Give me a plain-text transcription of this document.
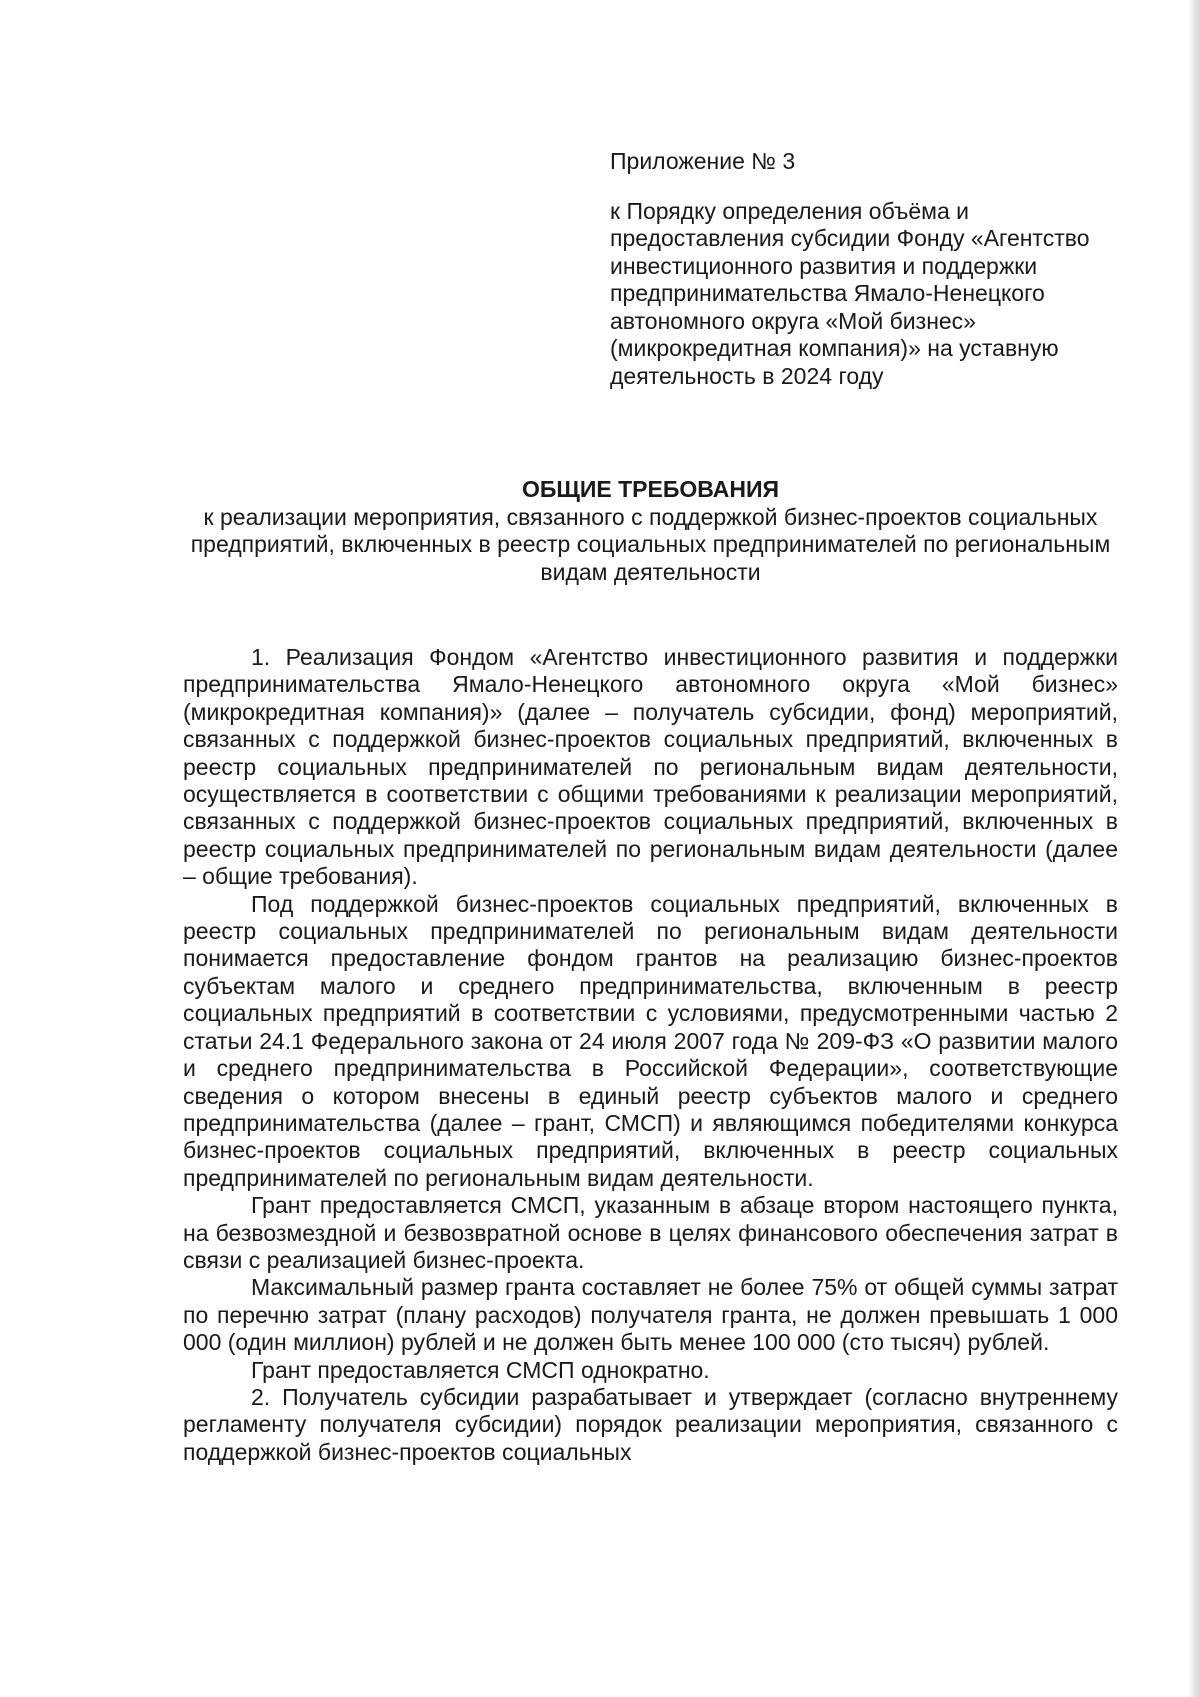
Приложение № 3

к Порядку определения объёма и предоставления субсидии Фонду «Агентство инвестиционного развития и поддержки предпринимательства Ямало-Ненецкого автономного округа «Мой бизнес» (микрокредитная компания)» на уставную деятельность в 2024 году

ОБЩИЕ ТРЕБОВАНИЯ

к реализации мероприятия, связанного с поддержкой бизнес-проектов социальных предприятий, включенных в реестр социальных предпринимателей по региональным видам деятельности

1. Реализация Фондом «Агентство инвестиционного развития и поддержки предпринимательства Ямало-Ненецкого автономного округа «Мой бизнес» (микрокредитная компания)» (далее – получатель субсидии, фонд) мероприятий, связанных с поддержкой бизнес-проектов социальных предприятий, включенных в реестр социальных предпринимателей по региональным видам деятельности, осуществляется в соответствии с общими требованиями к реализации мероприятий, связанных с поддержкой бизнес-проектов социальных предприятий, включенных в реестр социальных предпринимателей по региональным видам деятельности (далее – общие требования).

Под поддержкой бизнес-проектов социальных предприятий, включенных в реестр социальных предпринимателей по региональным видам деятельности понимается предоставление фондом грантов на реализацию бизнес-проектов субъектам малого и среднего предпринимательства, включенным в реестр социальных предприятий в соответствии с условиями, предусмотренными частью 2 статьи 24.1 Федерального закона от 24 июля 2007 года № 209-ФЗ «О развитии малого и среднего предпринимательства в Российской Федерации», соответствующие сведения о котором внесены в единый реестр субъектов малого и среднего предпринимательства (далее – грант, СМСП) и являющимся победителями конкурса бизнес-проектов социальных предприятий, включенных в реестр социальных предпринимателей по региональным видам деятельности.

Грант предоставляется СМСП, указанным в абзаце втором настоящего пункта, на безвозмездной и безвозвратной основе в целях финансового обеспечения затрат в связи с реализацией бизнес-проекта.

Максимальный размер гранта составляет не более 75% от общей суммы затрат по перечню затрат (плану расходов) получателя гранта, не должен превышать 1 000 000 (один миллион) рублей и не должен быть менее 100 000 (сто тысяч) рублей.

Грант предоставляется СМСП однократно.

2. Получатель субсидии разрабатывает и утверждает (согласно внутреннему регламенту получателя субсидии) порядок реализации мероприятия, связанного с поддержкой бизнес-проектов социальных
